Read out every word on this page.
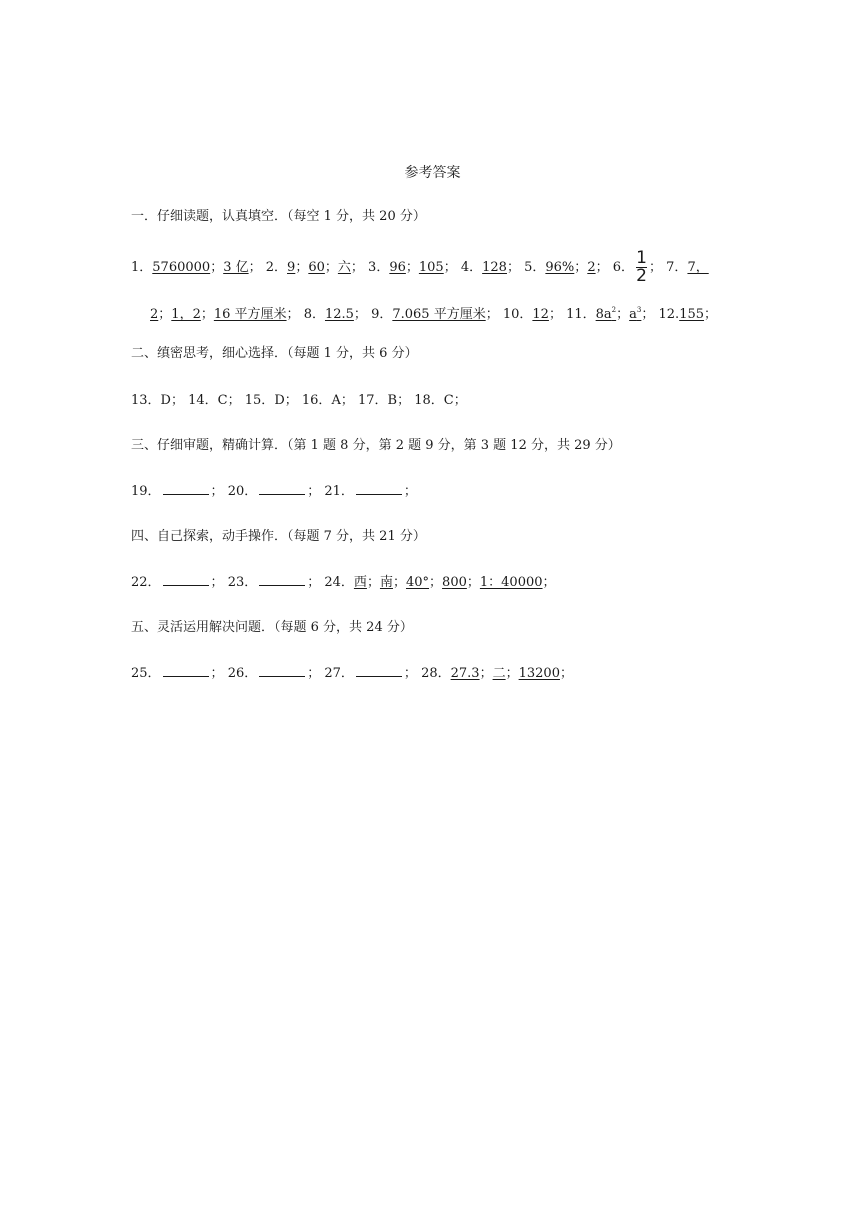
参考答案
一．仔细读题，认真填空．（每空 1 分，共 20 分）
1．5760000；3 亿； 2．9；60；六； 3．96；105； 4．128； 5．96%；2； 6． $\frac{1}{2}$ ； 7．7，
2；1，2；16 平方厘米； 8．12.5； 9．7.065 平方厘米； 10．12； 11．$8a^2$；$a^3$； 12.155；
二、缜密思考，细心选择．（每题 1 分，共 6 分）
13．D； 14．C； 15．D； 16．A； 17．B； 18．C；
三、仔细审题，精确计算．（第 1 题 8 分，第 2 题 9 分，第 3 题 12 分，共 29 分）
19．	； 20．	； 21．	；
四、自己探索，动手操作．（每题 7 分，共 21 分）
22．	； 23．	； 24．西；南；40°；800；1：40000；
五、灵活运用解决问题．（每题 6 分，共 24 分）
25．	； 26．	； 27．	； 28．27.3；二；13200；
